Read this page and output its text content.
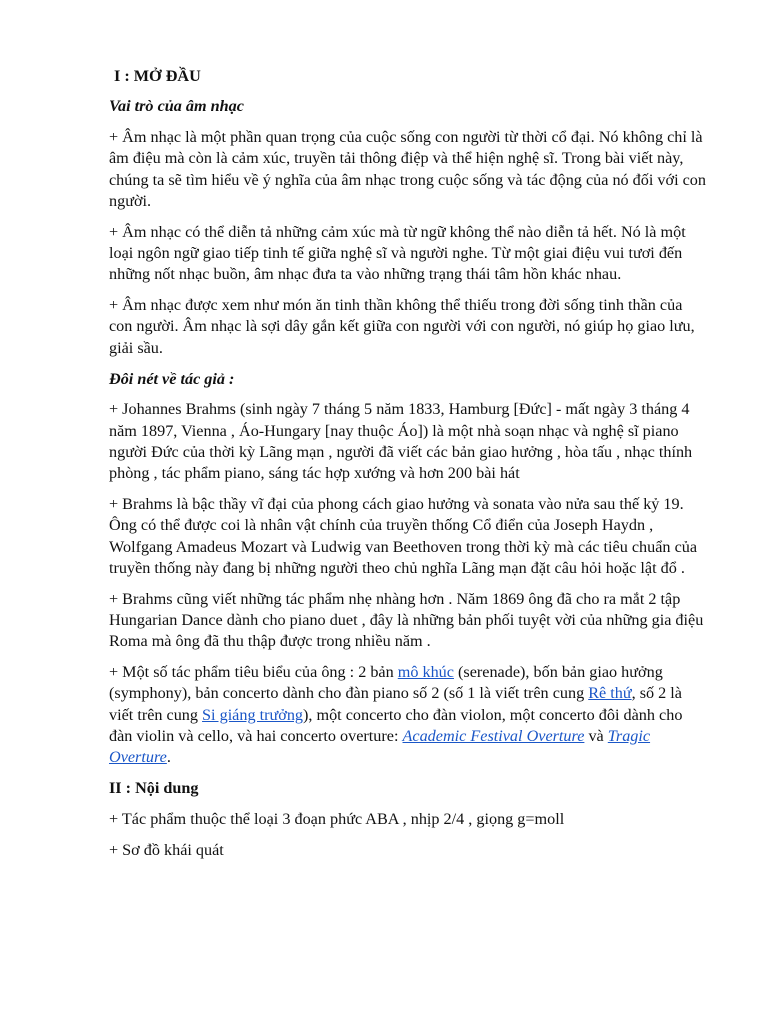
I : MỞ ĐẦU
Vai trò của âm nhạc

+ Âm nhạc là một phần quan trọng của cuộc sống con người từ thời cổ đại. Nó không chỉ là âm điệu mà còn là cảm xúc, truyền tải thông điệp và thể hiện nghệ sĩ. Trong bài viết này, chúng ta sẽ tìm hiểu về ý nghĩa của âm nhạc trong cuộc sống và tác động của nó đối với con người.

+ Âm nhạc có thể diễn tả những cảm xúc mà từ ngữ không thể nào diễn tả hết. Nó là một loại ngôn ngữ giao tiếp tinh tế giữa nghệ sĩ và người nghe. Từ một giai điệu vui tươi đến những nốt nhạc buồn, âm nhạc đưa ta vào những trạng thái tâm hồn khác nhau.

+ Âm nhạc được xem như món ăn tinh thần không thể thiếu trong đời sống tinh thần của con người. Âm nhạc là sợi dây gắn kết giữa con người với con người, nó giúp họ giao lưu, giải sầu.

Đôi nét về tác giả :

+ Johannes Brahms (sinh ngày 7 tháng 5 năm 1833, Hamburg [Đức] - mất ngày 3 tháng 4 năm 1897, Vienna , Áo-Hungary [nay thuộc Áo]) là một nhà soạn nhạc và nghệ sĩ piano người Đức của thời kỳ Lãng mạn , người đã viết các bản giao hưởng , hòa tấu , nhạc thính phòng , tác phẩm piano, sáng tác hợp xướng và hơn 200 bài hát

+ Brahms là bậc thầy vĩ đại của phong cách giao hưởng và sonata vào nửa sau thế kỷ 19. Ông có thể được coi là nhân vật chính của truyền thống Cổ điển của Joseph Haydn , Wolfgang Amadeus Mozart và Ludwig van Beethoven trong thời kỳ mà các tiêu chuẩn của truyền thống này đang bị những người theo chủ nghĩa Lãng mạn đặt câu hỏi hoặc lật đổ .

+ Brahms cũng viết những tác phẩm nhẹ nhàng hơn . Năm 1869 ông đã cho ra mắt 2 tập Hungarian Dance dành cho piano duet , đây là những bản phối tuyệt vời của những gia điệu Roma mà ông đã thu thập được trong nhiều năm .

+ Một số tác phẩm tiêu biểu của ông : 2 bản mô khúc (serenade), bốn bản giao hưởng (symphony), bản concerto dành cho đàn piano số 2 (số 1 là viết trên cung Rê thứ, số 2 là viết trên cung Si giáng trưởng), một concerto cho đàn violon, một concerto đôi dành cho đàn violin và cello, và hai concerto overture: Academic Festival Overture và Tragic Overture.

II : Nội dung

+ Tác phẩm thuộc thể loại 3 đoạn phức ABA , nhịp 2/4 , giọng g=moll

+ Sơ đồ khái quát
